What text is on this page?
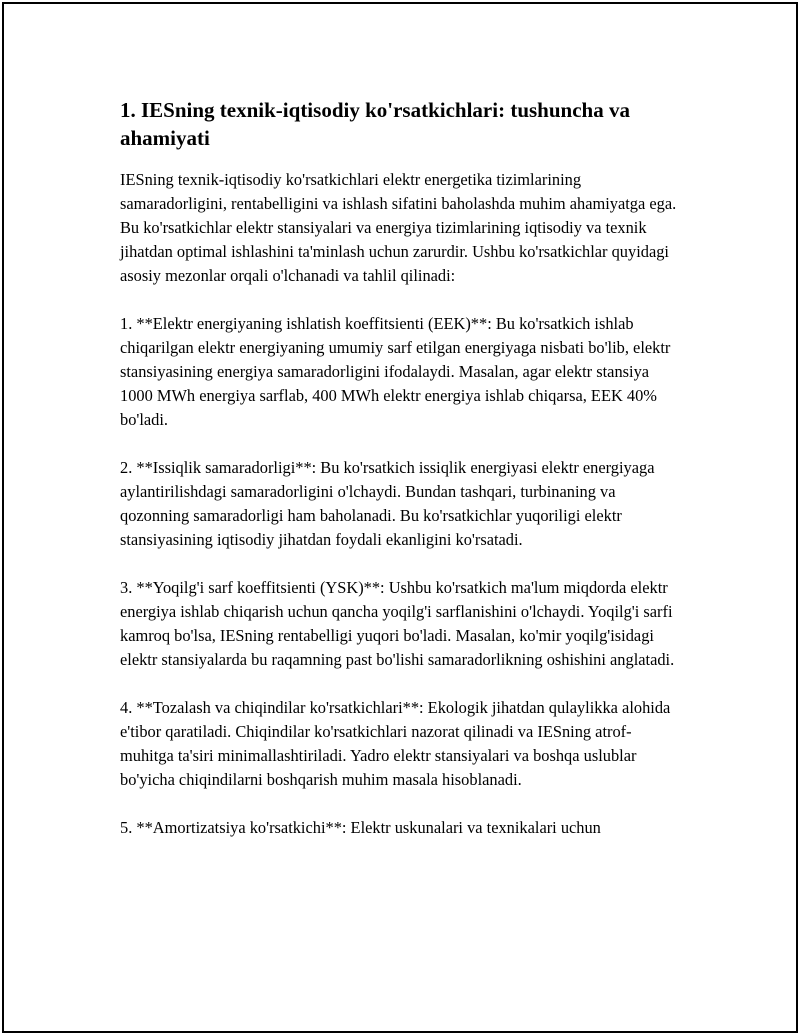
1. IESning texnik-iqtisodiy ko'rsatkichlari: tushuncha va ahamiyati

IESning texnik-iqtisodiy ko'rsatkichlari elektr energetika tizimlarining samaradorligini, rentabelligini va ishlash sifatini baholashda muhim ahamiyatga ega. Bu ko'rsatkichlar elektr stansiyalari va energiya tizimlarining iqtisodiy va texnik jihatdan optimal ishlashini ta'minlash uchun zarurdir. Ushbu ko'rsatkichlar quyidagi asosiy mezonlar orqali o'lchanadi va tahlil qilinadi:

1. **Elektr energiyaning ishlatish koeffitsienti (EEK)**: Bu ko'rsatkich ishlab chiqarilgan elektr energiyaning umumiy sarf etilgan energiyaga nisbati bo'lib, elektr stansiyasining energiya samaradorligini ifodalaydi. Masalan, agar elektr stansiya 1000 MWh energiya sarflab, 400 MWh elektr energiya ishlab chiqarsa, EEK 40% bo'ladi.

2. **Issiqlik samaradorligi**: Bu ko'rsatkich issiqlik energiyasi elektr energiyaga aylantirilishdagi samaradorligini o'lchaydi. Bundan tashqari, turbinaning va qozonning samaradorligi ham baholanadi. Bu ko'rsatkichlar yuqoriligi elektr stansiyasining iqtisodiy jihatdan foydali ekanligini ko'rsatadi.

3. **Yoqilg'i sarf koeffitsienti (YSK)**: Ushbu ko'rsatkich ma'lum miqdorda elektr energiya ishlab chiqarish uchun qancha yoqilg'i sarflanishini o'lchaydi. Yoqilg'i sarfi kamroq bo'lsa, IESning rentabelligi yuqori bo'ladi. Masalan, ko'mir yoqilg'isidagi elektr stansiyalarda bu raqamning past bo'lishi samaradorlikning oshishini anglatadi.

4. **Tozalash va chiqindilar ko'rsatkichlari**: Ekologik jihatdan qulaylikka alohida e'tibor qaratiladi. Chiqindilar ko'rsatkichlari nazorat qilinadi va IESning atrof-muhitga ta'siri minimallashtiriladi. Yadro elektr stansiyalari va boshqa uslublar bo'yicha chiqindilarni boshqarish muhim masala hisoblanadi.

5. **Amortizatsiya ko'rsatkichi**: Elektr uskunalari va texnikalari uchun
